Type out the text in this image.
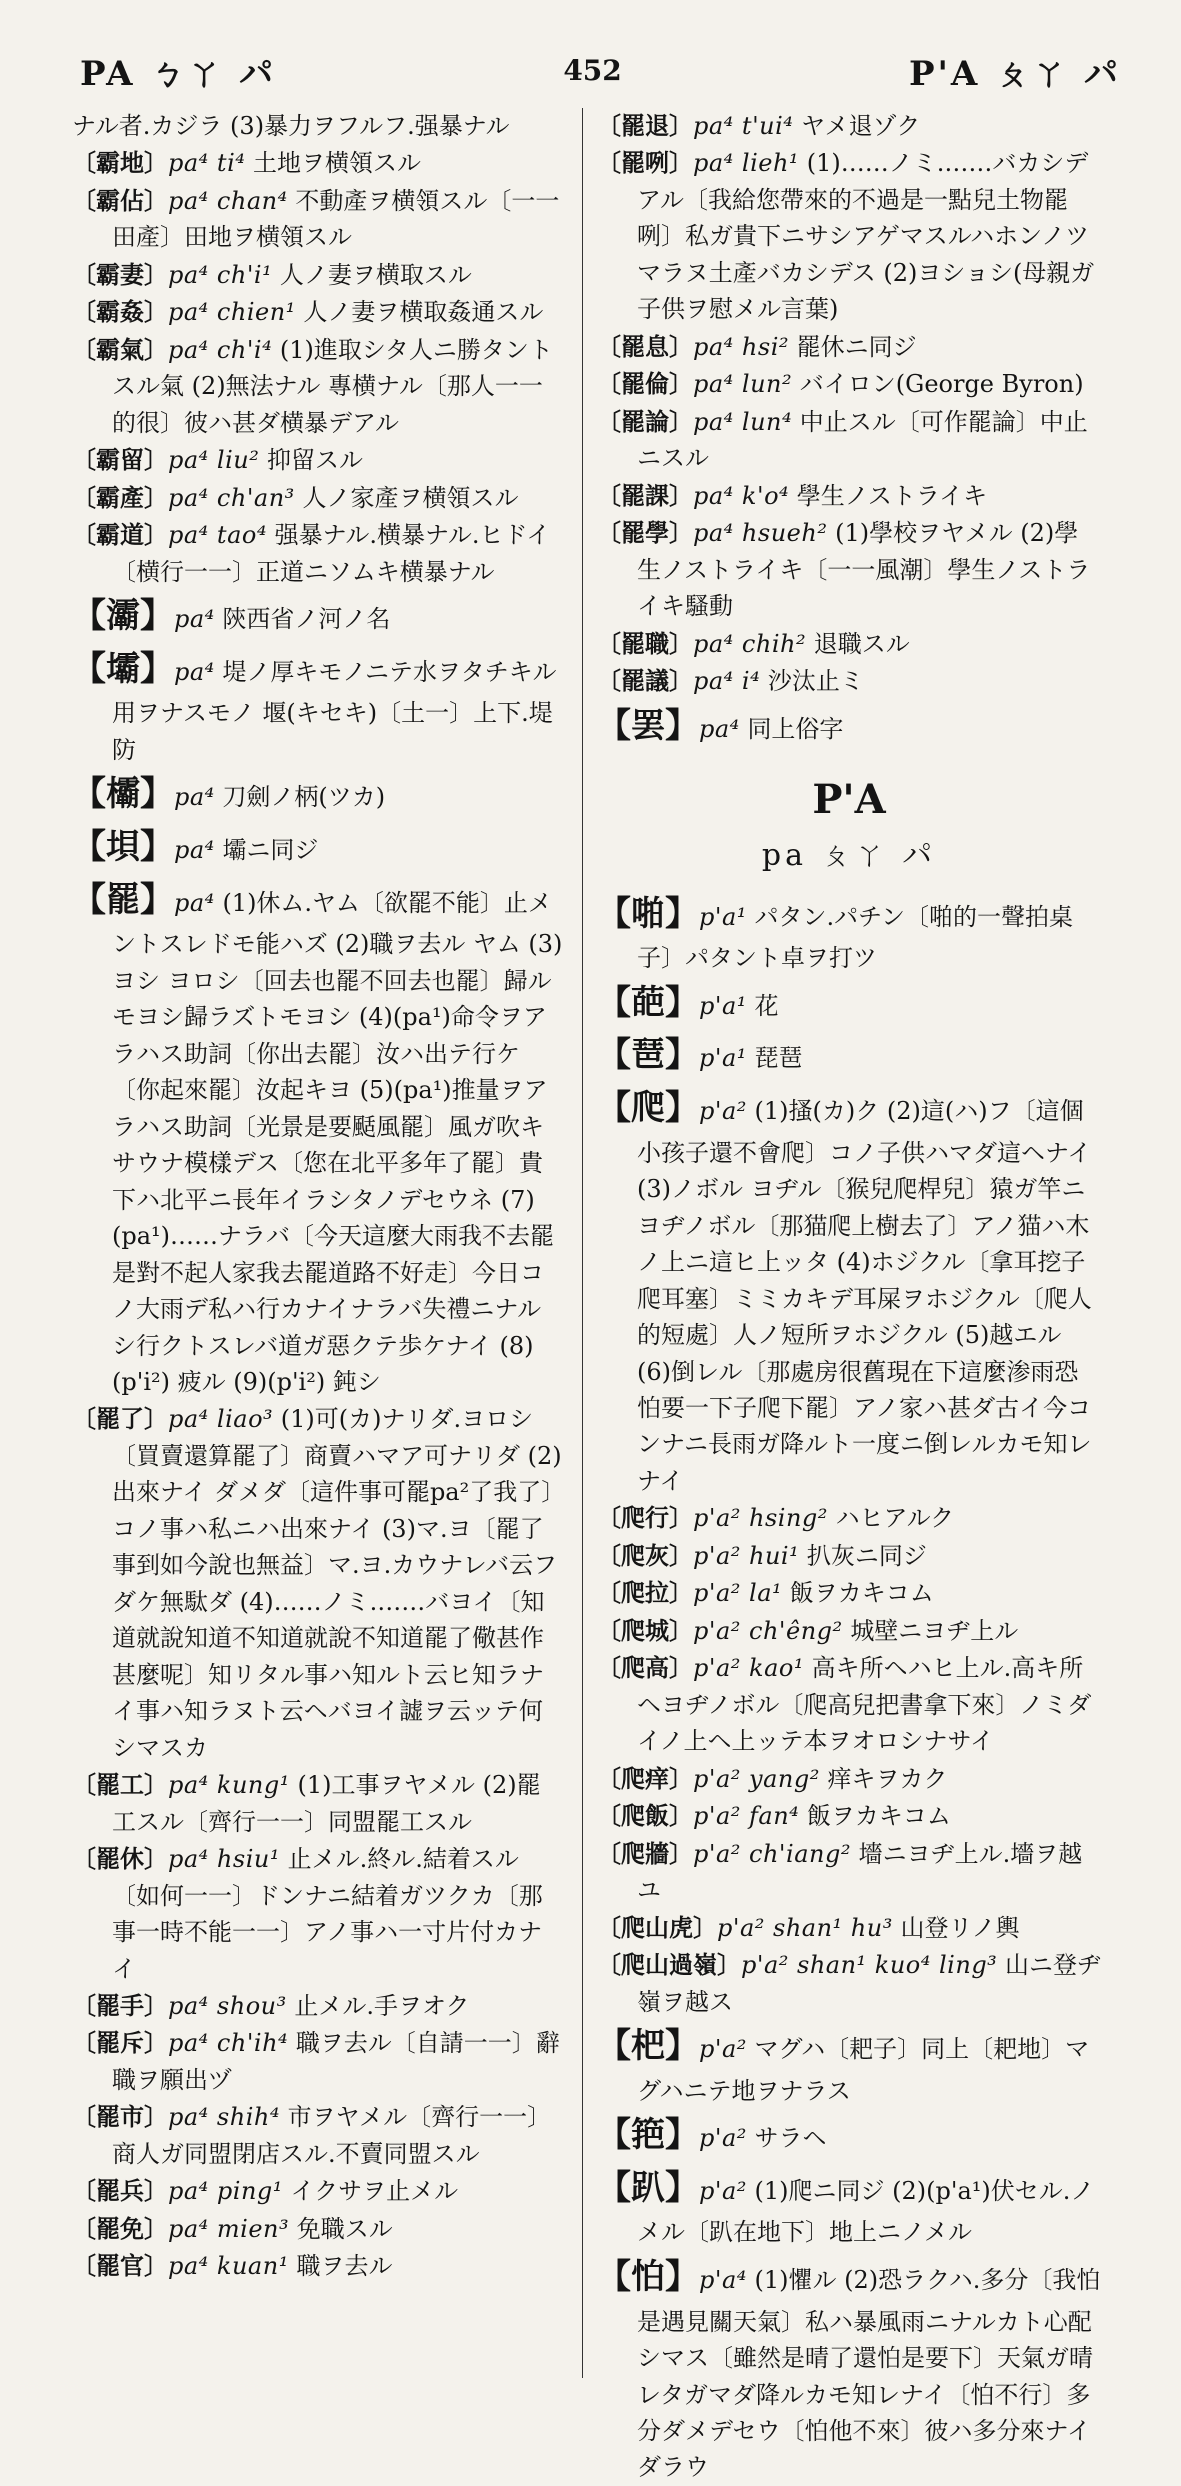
PA ㄅㄚ パ	452	P'A ㄆㄚ パ
ナル者.カジラ (3)暴力ヲフルフ.强暴ナル
〔霸地〕pa⁴ ti⁴ 土地ヲ横領スル
〔霸佔〕pa⁴ chan⁴ 不動產ヲ横領スル〔一一田產〕田地ヲ横領スル
〔霸妻〕pa⁴ ch'i¹ 人ノ妻ヲ横取スル
〔霸姦〕pa⁴ chien¹ 人ノ妻ヲ横取姦通スル
〔霸氣〕pa⁴ ch'i⁴ (1)進取シタ人ニ勝タントスル氣 (2)無法ナル 專横ナル〔那人一一的很〕彼ハ甚ダ横暴デアル
〔霸留〕pa⁴ liu² 抑留スル
〔霸產〕pa⁴ ch'an³ 人ノ家產ヲ横領スル
〔霸道〕pa⁴ tao⁴ 强暴ナル.横暴ナル.ヒドイ〔横行一一〕正道ニソムキ横暴ナル
【灞】pa⁴ 陝西省ノ河ノ名
【壩】pa⁴ 堤ノ厚キモノニテ水ヲタチキル用ヲナスモノ 堰(キセキ)〔土一〕上下.堤防
【欛】pa⁴ 刀劍ノ柄(ツカ)
【垻】pa⁴ 壩ニ同ジ
【罷】pa⁴ (1)休ム.ヤム〔欲罷不能〕止メントスレドモ能ハズ (2)職ヲ去ル ヤム (3)ヨシ ヨロシ〔回去也罷不回去也罷〕歸ルモヨシ歸ラズトモヨシ (4)(pa¹)命令ヲアラハス助詞〔你出去罷〕汝ハ出テ行ケ〔你起來罷〕汝起キヨ (5)(pa¹)推量ヲアラハス助詞〔光景是要颳風罷〕風ガ吹キサウナ模樣デス〔您在北平多年了罷〕貴下ハ北平ニ長年イラシタノデセウネ (7)(pa¹)……ナラバ〔今天這麼大雨我不去罷是對不起人家我去罷道路不好走〕今日コノ大雨デ私ハ行カナイナラバ失禮ニナルシ行クトスレバ道ガ惡クテ歩ケナイ (8)(p'i²) 疲ル (9)(p'i²) 鈍シ
〔罷了〕pa⁴ liao³ (1)可(カ)ナリダ.ヨロシ〔買賣還算罷了〕商賣ハマア可ナリダ (2)出來ナイ ダメダ〔這件事可罷pa²了我了〕コノ事ハ私ニハ出來ナイ (3)マ.ヨ〔罷了事到如今說也無益〕マ.ヨ.カウナレバ云フダケ無駄ダ (4)……ノミ.……バヨイ〔知道就說知道不知道就說不知道罷了儆甚作甚麼呢〕知リタル事ハ知ルト云ヒ知ラナイ事ハ知ラヌト云ヘバヨイ譃ヲ云ッテ何シマスカ
〔罷工〕pa⁴ kung¹ (1)工事ヲヤメル (2)罷工スル〔齊行一一〕同盟罷工スル
〔罷休〕pa⁴ hsiu¹ 止メル.終ル.結着スル〔如何一一〕ドンナニ結着ガツクカ〔那事一時不能一一〕アノ事ハ一寸片付カナイ
〔罷手〕pa⁴ shou³ 止メル.手ヲオク
〔罷斥〕pa⁴ ch'ih⁴ 職ヲ去ル〔自請一一〕辭職ヲ願出ヅ
〔罷市〕pa⁴ shih⁴ 市ヲヤメル〔齊行一一〕商人ガ同盟閉店スル.不賣同盟スル
〔罷兵〕pa⁴ ping¹ イクサヲ止メル
〔罷免〕pa⁴ mien³ 免職スル
〔罷官〕pa⁴ kuan¹ 職ヲ去ル
〔罷退〕pa⁴ t'ui⁴ ヤメ退ゾク
〔罷咧〕pa⁴ lieh¹ (1)……ノミ.……バカシデアル〔我給您帶來的不過是一點兒土物罷咧〕私ガ貴下ニサシアゲマスルハホンノツマラヌ土產バカシデス (2)ヨショシ(母親ガ子供ヲ慰メル言葉)
〔罷息〕pa⁴ hsi² 罷休ニ同ジ
〔罷倫〕pa⁴ lun² バイロン(George Byron)
〔罷論〕pa⁴ lun⁴ 中止スル〔可作罷論〕中止ニスル
〔罷課〕pa⁴ k'o⁴ 學生ノストライキ
〔罷學〕pa⁴ hsueh² (1)學校ヲヤメル (2)學生ノストライキ〔一一風潮〕學生ノストライキ騷動
〔罷職〕pa⁴ chih² 退職スル
〔罷議〕pa⁴ i⁴ 沙汰止ミ
【罢】pa⁴ 同上俗字
P'A
pa ㄆㄚ パ
【啪】p'a¹ パタン.パチン〔啪的一聲拍桌子〕パタント卓ヲ打ツ
【葩】p'a¹ 花
【琶】p'a¹ 琵琶
【爬】p'a² (1)搔(カ)ク (2)這(ハ)フ〔這個小孩子還不會爬〕コノ子供ハマダ這ヘナイ (3)ノボル ヨヂル〔猴兒爬桿兒〕猿ガ竿ニヨヂノボル〔那猫爬上樹去了〕アノ猫ハ木ノ上ニ這ヒ上ッタ (4)ホジクル〔拿耳挖子爬耳塞〕ミミカキデ耳屎ヲホジクル〔爬人的短處〕人ノ短所ヲホジクル (5)越エル (6)倒レル〔那處房很舊現在下這麼渗雨恐怕要一下子爬下罷〕アノ家ハ甚ダ古イ今コンナニ長雨ガ降ルト一度ニ倒レルカモ知レナイ
〔爬行〕p'a² hsing² ハヒアルク
〔爬灰〕p'a² hui¹ 扒灰ニ同ジ
〔爬拉〕p'a² la¹ 飯ヲカキコム
〔爬城〕p'a² ch'êng² 城壁ニヨヂ上ル
〔爬高〕p'a² kao¹ 高キ所ヘハヒ上ル.高キ所ヘヨヂノボル〔爬高兒把書拿下來〕ノミダイノ上ヘ上ッテ本ヲオロシナサイ
〔爬痒〕p'a² yang² 痒キヲカク
〔爬飯〕p'a² fan⁴ 飯ヲカキコム
〔爬牆〕p'a² ch'iang² 墻ニヨヂ上ル.墻ヲ越ユ
〔爬山虎〕p'a² shan¹ hu³ 山登リノ輿
〔爬山過嶺〕p'a² shan¹ kuo⁴ ling³ 山ニ登ヂ嶺ヲ越ス
【杷】p'a² マグハ〔耙子〕同上〔耙地〕マグハニテ地ヲナラス
【筢】p'a² サラヘ
【趴】p'a² (1)爬ニ同ジ (2)(p'a¹)伏セル.ノメル〔趴在地下〕地上ニノメル
【怕】p'a⁴ (1)懼ル (2)恐ラクハ.多分〔我怕是遇見關天氣〕私ハ暴風雨ニナルカト心配シマス〔雖然是晴了還怕是要下〕天氣ガ晴レタガマダ降ルカモ知レナイ〔怕不行〕多分ダメデセウ〔怕他不來〕彼ハ多分來ナイダラウ
